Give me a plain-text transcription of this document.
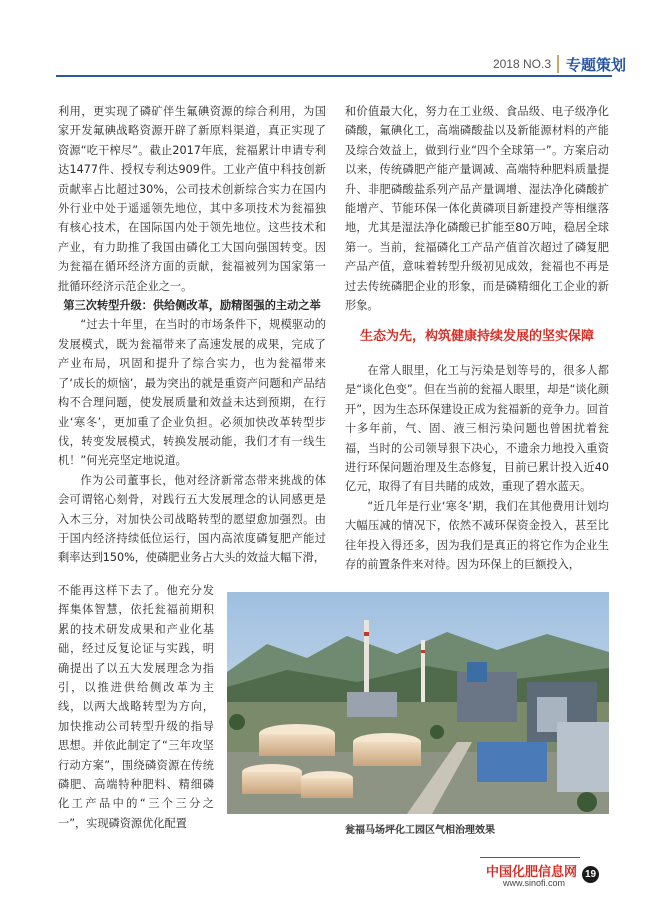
2018 NO.3 专题策划

利用，更实现了磷矿伴生氟碘资源的综合利用，为国家开发氟碘战略资源开辟了新原料渠道，真正实现了资源“吃干榨尽”。截止2017年底，瓮福累计申请专利达1477件、授权专利达909件。工业产值中科技创新贡献率占比超过30%，公司技术创新综合实力在国内外行业中处于遥遥领先地位，其中多项技术为瓮福独有核心技术，在国际国内处于领先地位。这些技术和产业，有力助推了我国由磷化工大国向强国转变。因为瓮福在循环经济方面的贡献，瓮福被列为国家第一批循环经济示范企业之一。

第三次转型升级：供给侧改革，励精图强的主动之举

“过去十年里，在当时的市场条件下，规模驱动的发展模式，既为瓮福带来了高速发展的成果，完成了产业布局，巩固和提升了综合实力，也为瓮福带来了‘成长的烦恼’，最为突出的就是重资产问题和产品结构不合理问题，使发展质量和效益未达到预期，在行业‘寒冬’，更加重了企业负担。必须加快改革转型步伐，转变发展模式，转换发展动能，我们才有一线生机！”何光亮坚定地说道。

作为公司董事长，他对经济新常态带来挑战的体会可谓铭心刻骨，对践行五大发展理念的认同感更是入木三分，对加快公司战略转型的愿望愈加强烈。由于国内经济持续低位运行，国内高浓度磷复肥产能过剩率达到150%，使磷肥业务占大头的效益大幅下滑，

不能再这样下去了。他充分发挥集体智慧，依托瓮福前期积累的技术研发成果和产业化基础，经过反复论证与实践，明确提出了以五大发展理念为指引，以推进供给侧改革为主线，以两大战略转型为方向，加快推动公司转型升级的指导思想。并依此制定了“三年攻坚行动方案”，围绕磷资源在传统磷肥、高端特种肥料、精细磷化工产品中的“三个三分之一”，实现磷资源优化配置

和价值最大化，努力在工业级、食品级、电子级净化磷酸，氟碘化工，高端磷酸盐以及新能源材料的产能及综合效益上，做到行业“四个全球第一”。方案启动以来，传统磷肥产能产量调减、高端特种肥料质量提升、非肥磷酸盐系列产品产量调增、湿法净化磷酸扩能增产、节能环保一体化黄磷项目新建投产等相继落地，尤其是湿法净化磷酸已扩能至80万吨，稳居全球第一。当前，瓮福磷化工产品产值首次超过了磷复肥产品产值，意味着转型升级初见成效，瓮福也不再是过去传统磷肥企业的形象，而是磷精细化工企业的新形象。

生态为先，构筑健康持续发展的坚实保障

在常人眼里，化工与污染是划等号的，很多人都是“谈化色变”。但在当前的瓮福人眼里，却是“谈化颜开”，因为生态环保建设正成为瓮福新的竞争力。回首十多年前，气、固、液三相污染问题也曾困扰着瓮福，当时的公司领导狠下决心，不遗余力地投入重资进行环保问题治理及生态修复，目前已累计投入近40亿元，取得了有目共睹的成效，重现了碧水蓝天。

“近几年是行业‘寒冬’期，我们在其他费用计划均大幅压减的情况下，依然不减环保资金投入，甚至比往年投入得还多，因为我们是真正的将它作为企业生存的前置条件来对待。因为环保上的巨额投入，

瓮福马场坪化工园区气相治理效果
中国化肥信息网
www.sinofi.com
19
